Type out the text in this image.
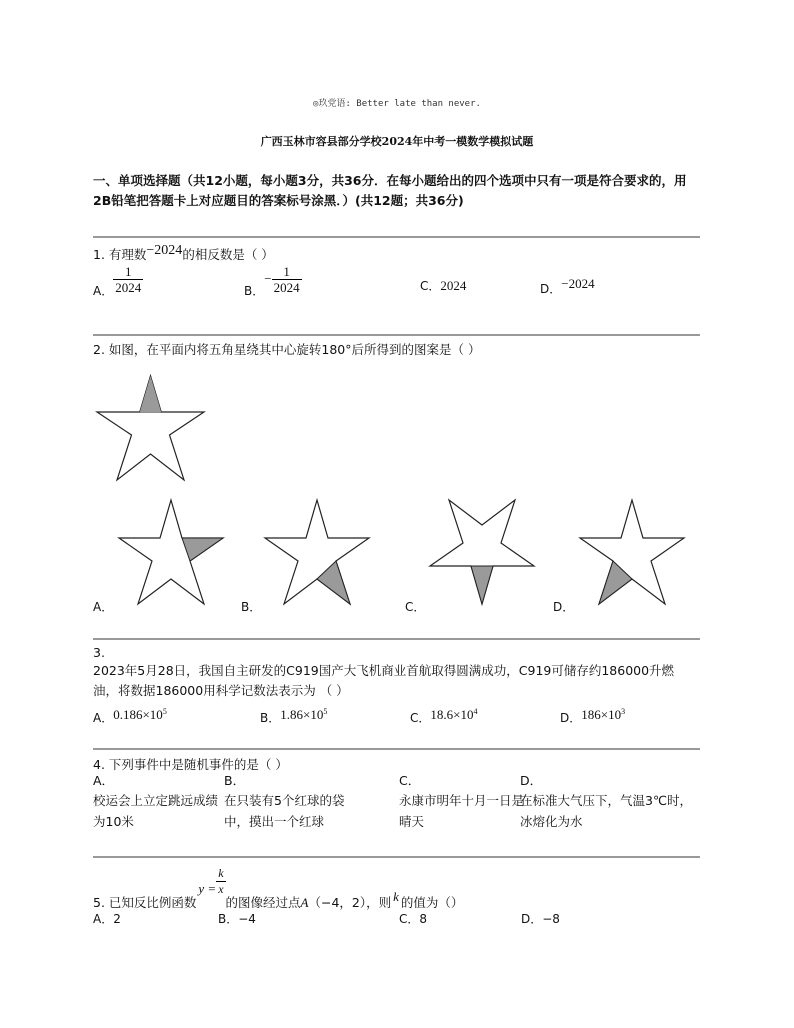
◎玖党语: Better late than never.
广西玉林市容县部分学校2024年中考一模数学模拟试题
一、单项选择题（共12小题，每小题3分，共36分．在每小题给出的四个选项中只有一项是符合要求的，用2B铅笔把答题卡上对应题目的答案标号涂黑．）(共12题；共36分)
1. 有理数−2024的相反数是（ ）
A． $\frac{1}{2024}$	B．− $\frac{1}{2024}$	C．2024	D．−2024
2. 如图，在平面内将五角星绕其中心旋转180°后所得到的图案是（ ）
A．	B．	C．	D．
3.
2023年5月28日，我国自主研发的C919国产大飞机商业首航取得圆满成功，C919可储存约186000升燃
油，将数据186000用科学记数法表示为 （ ）
A．$0.186\times 10^5$	B．$1.86\times 10^5$	C．$18.6\times 10^4$	D．$186\times 10^3$
4. 下列事件中是随机事件的是（ ）
A．
校运会上立定跳远成绩为10米
B．
在只装有5个红球的袋中，摸出一个红球
C．
永康市明年十月一日是晴天
D．
在标准大气压下，气温3℃时，冰熔化为水
5. 已知反比例函数$y = \frac{k}{x}$
的图像经过点A（−4，2），则 k 的值为（）
A．2	B．−4	C．8	D．−8
